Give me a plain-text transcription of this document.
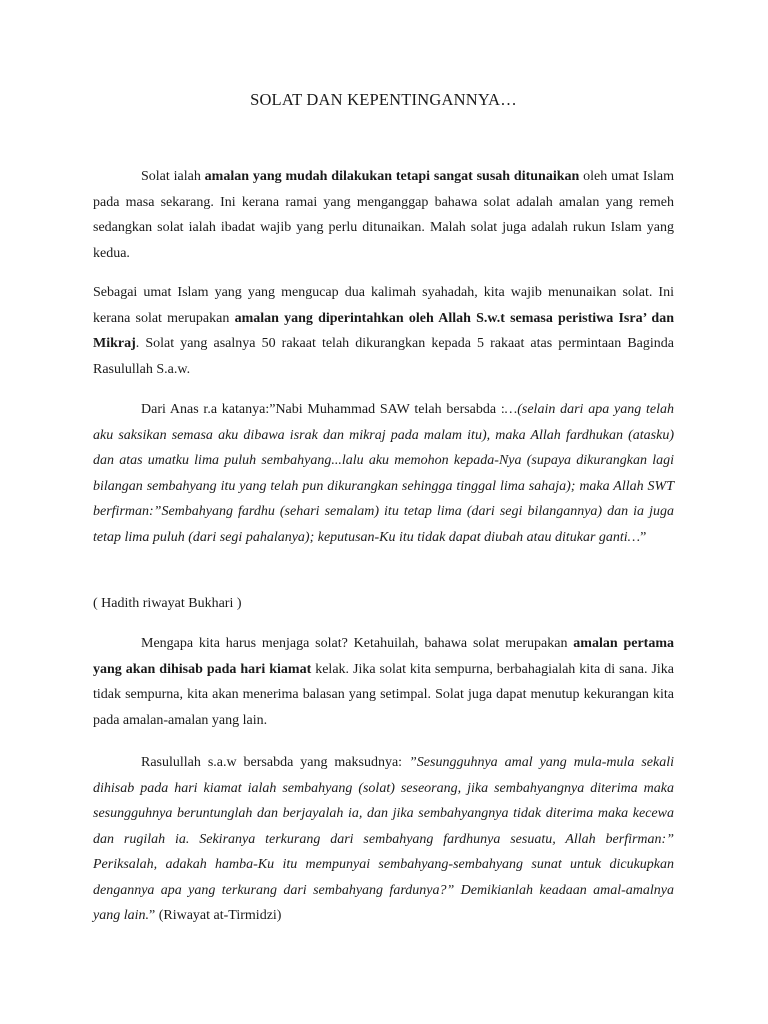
SOLAT DAN KEPENTINGANNYA…

Solat ialah amalan yang mudah dilakukan tetapi sangat susah ditunaikan oleh umat Islam pada masa sekarang. Ini kerana ramai yang menganggap bahawa solat adalah amalan yang remeh sedangkan solat ialah ibadat wajib yang perlu ditunaikan. Malah solat juga adalah rukun Islam yang kedua.

Sebagai umat Islam yang yang mengucap dua kalimah syahadah, kita wajib menunaikan solat. Ini kerana solat merupakan amalan yang diperintahkan oleh Allah S.w.t semasa peristiwa Isra’ dan Mikraj. Solat yang asalnya 50 rakaat telah dikurangkan kepada 5 rakaat atas permintaan Baginda Rasulullah S.a.w.

Dari Anas r.a katanya:”Nabi Muhammad SAW telah bersabda :…(selain dari apa yang telah aku saksikan semasa aku dibawa israk dan mikraj pada malam itu), maka Allah fardhukan (atasku) dan atas umatku lima puluh sembahyang...lalu aku memohon kepada-Nya (supaya dikurangkan lagi bilangan sembahyang itu yang telah pun dikurangkan sehingga tinggal lima sahaja); maka Allah SWT berfirman:”Sembahyang fardhu (sehari semalam) itu tetap lima (dari segi bilangannya) dan ia juga tetap lima puluh (dari segi pahalanya); keputusan-Ku itu tidak dapat diubah atau ditukar ganti…”

( Hadith riwayat Bukhari )

Mengapa kita harus menjaga solat? Ketahuilah, bahawa solat merupakan amalan pertama yang akan dihisab pada hari kiamat kelak. Jika solat kita sempurna, berbahagialah kita di sana. Jika tidak sempurna, kita akan menerima balasan yang setimpal. Solat juga dapat menutup kekurangan kita pada amalan-amalan yang lain.

Rasulullah s.a.w bersabda yang maksudnya: ”Sesungguhnya amal yang mula-mula sekali dihisab pada hari kiamat ialah sembahyang (solat) seseorang, jika sembahyangnya diterima maka sesungguhnya beruntunglah dan berjayalah ia, dan jika sembahyangnya tidak diterima maka kecewa dan rugilah ia. Sekiranya terkurang dari sembahyang fardhunya sesuatu, Allah berfirman:” Periksalah, adakah hamba-Ku itu mempunyai sembahyang-sembahyang sunat untuk dicukupkan dengannya apa yang terkurang dari sembahyang fardunya?” Demikianlah keadaan amal-amalnya yang lain.” (Riwayat at-Tirmidzi)
